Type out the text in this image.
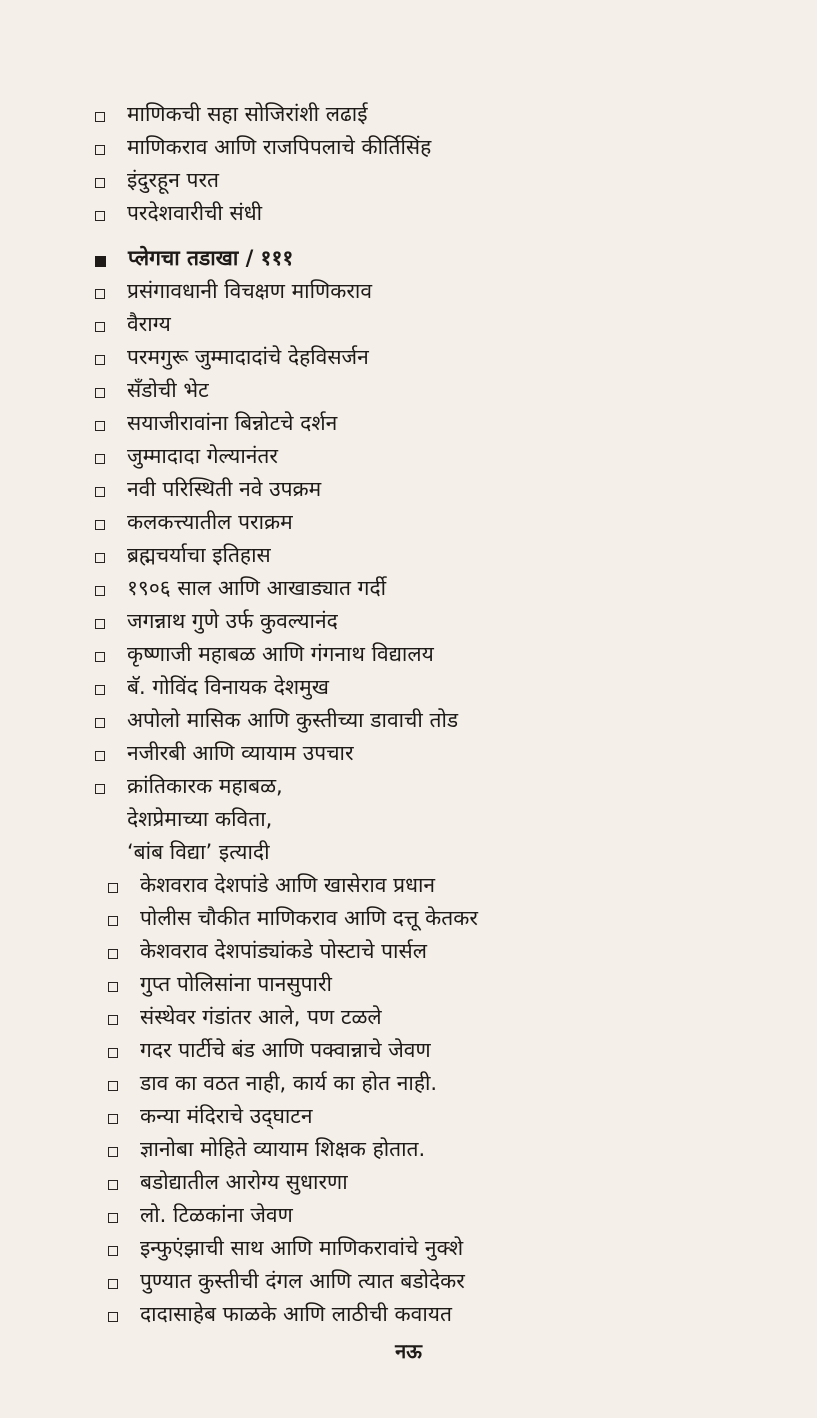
माणिकची सहा सोजिरांशी लढाई
माणिकराव आणि राजपिपलाचे कीर्तिसिंह
इंदुरहून परत
परदेशवारीची संधी
प्लेगचा तडाखा / १११
प्रसंगावधानी विचक्षण माणिकराव
वैराग्य
परमगुरू जुम्मादादांचे देहविसर्जन
सँडोची भेट
सयाजीरावांना बिन्नोटचे दर्शन
जुम्मादादा गेल्यानंतर
नवी परिस्थिती नवे उपक्रम
कलकत्त्यातील पराक्रम
ब्रह्मचर्याचा इतिहास
१९०६ साल आणि आखाड्यात गर्दी
जगन्नाथ गुणे उर्फ कुवल्यानंद
कृष्णाजी महाबळ आणि गंगनाथ विद्यालय
बॅ. गोविंद विनायक देशमुख
अपोलो मासिक आणि कुस्तीच्या डावाची तोड
नजीरबी आणि व्यायाम उपचार
क्रांतिकारक महाबळ,
देशप्रेमाच्या कविता,
‘बांब विद्या’ इत्यादी
केशवराव देशपांडे आणि खासेराव प्रधान
पोलीस चौकीत माणिकराव आणि दत्तू केतकर
केशवराव देशपांड्यांकडे पोस्टाचे पार्सल
गुप्त पोलिसांना पानसुपारी
संस्थेवर गंडांतर आले, पण टळले
गदर पार्टीचे बंड आणि पक्वान्नाचे जेवण
डाव का वठत नाही, कार्य का होत नाही.
कन्या मंदिराचे उद्‌घाटन
ज्ञानोबा मोहिते व्यायाम शिक्षक होतात.
बडोद्यातील आरोग्य सुधारणा
लो. टिळकांना जेवण
इन्फुएंझाची साथ आणि माणिकरावांचे नुक्शे
पुण्यात कुस्तीची दंगल आणि त्यात बडोदेकर
दादासाहेब फाळके आणि लाठीची कवायत
नऊ
